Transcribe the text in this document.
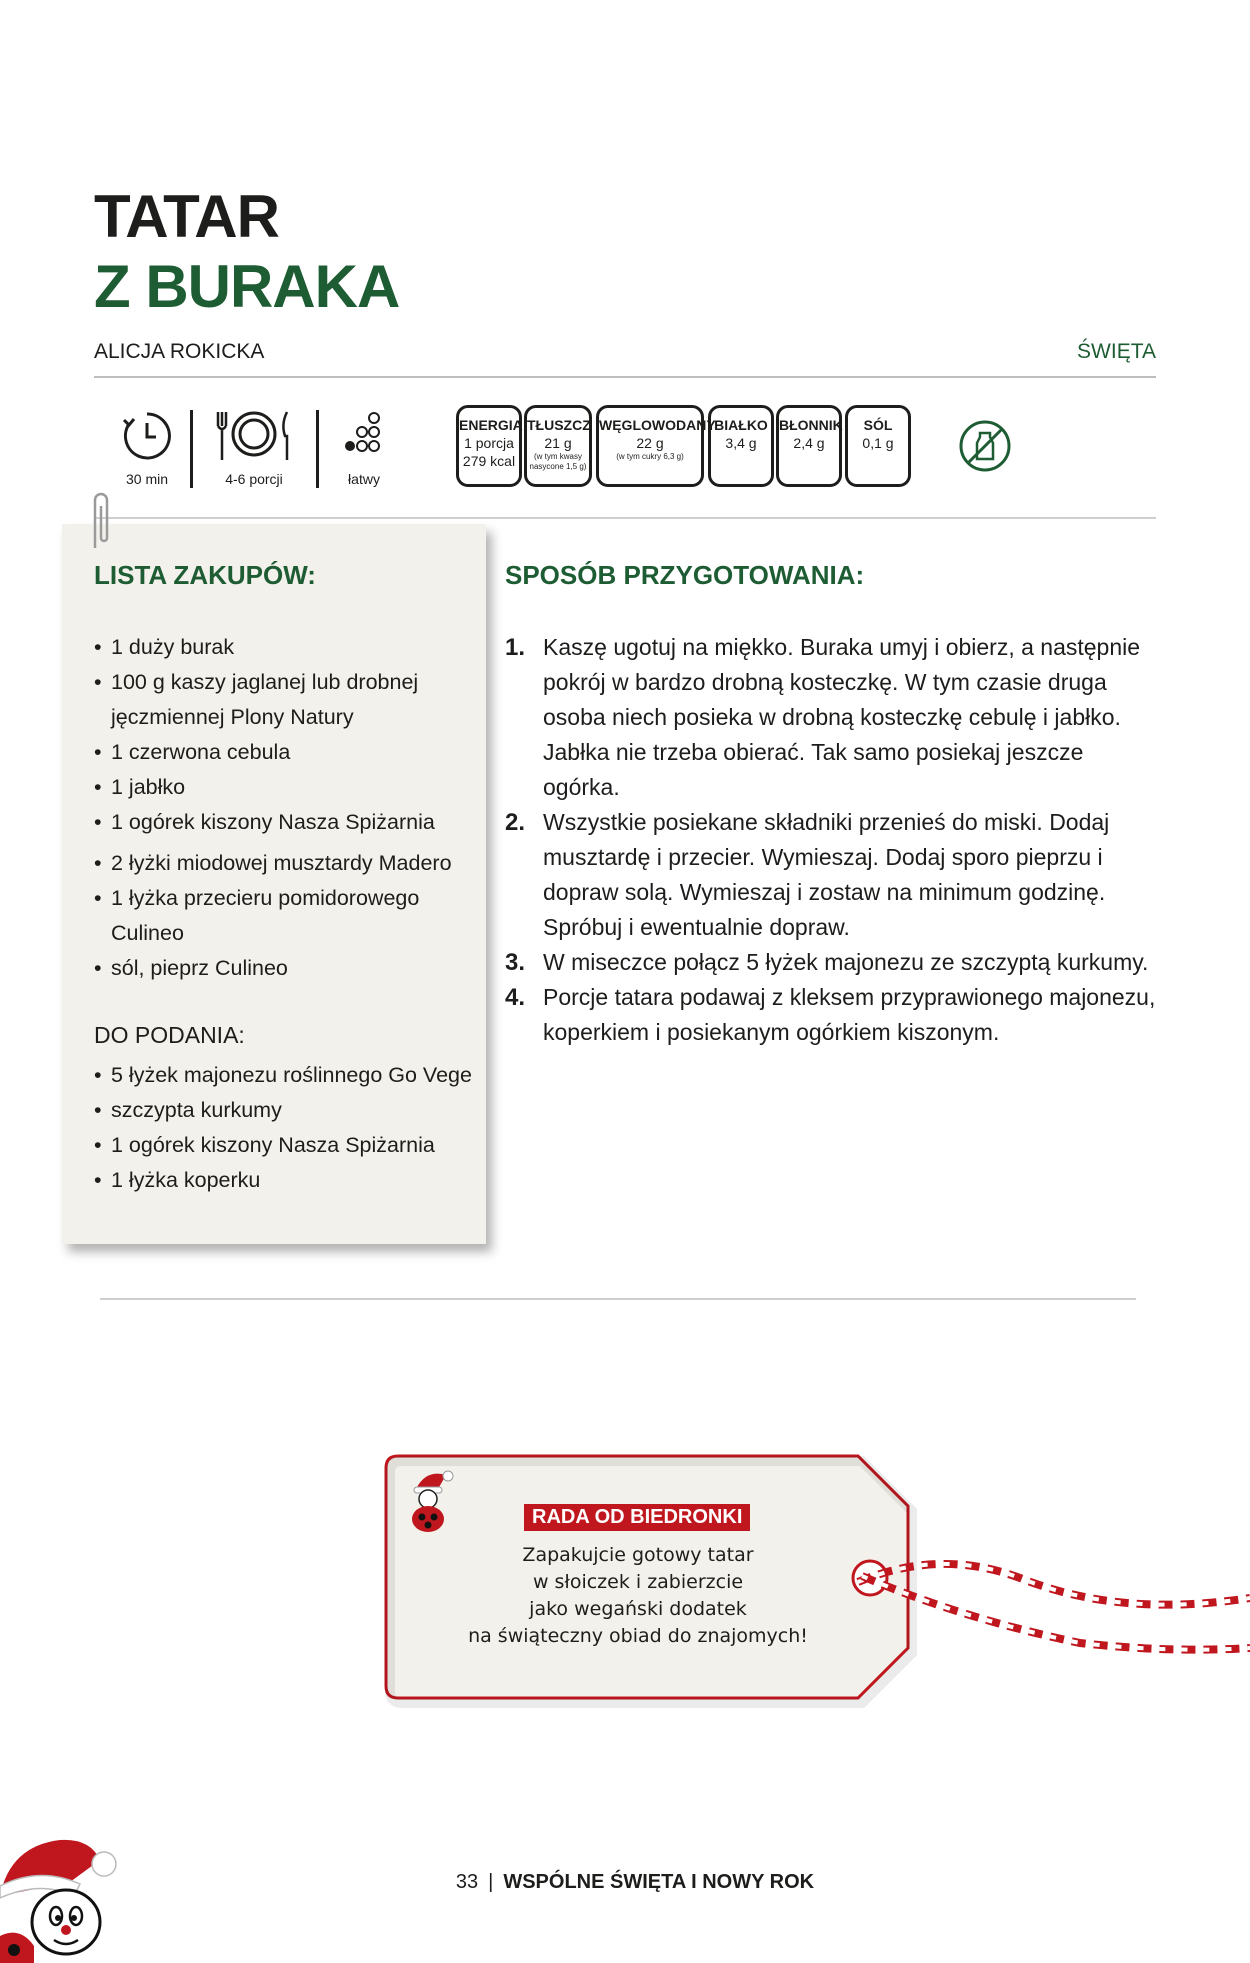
TATAR
Z BURAKA
ALICJA ROKICKA	ŚWIĘTA
30 min	4-6 porcji	łatwy
ENERGIA
1 porcja
279 kcal
TŁUSZCZ
21 g
(w tym kwasy nasycone 1,5 g)
WĘGLOWODANY
22 g
(w tym cukry 6,3 g)
BIAŁKO
3,4 g
BŁONNIK
2,4 g
SÓL
0,1 g
LISTA ZAKUPÓW:
• 1 duży burak
• 100 g kaszy jaglanej lub drobnej jęczmiennej Plony Natury
• 1 czerwona cebula
• 1 jabłko
• 1 ogórek kiszony Nasza Spiżarnia
• 2 łyżki miodowej musztardy Madero
• 1 łyżka przecieru pomidorowego Culineo
• sól, pieprz Culineo
DO PODANIA:
• 5 łyżek majonezu roślinnego Go Vege
• szczypta kurkumy
• 1 ogórek kiszony Nasza Spiżarnia
• 1 łyżka koperku
SPOSÓB PRZYGOTOWANIA:
1. Kaszę ugotuj na miękko. Buraka umyj i obierz, a następnie pokrój w bardzo drobną kosteczkę. W tym czasie druga osoba niech posieka w drobną kosteczkę cebulę i jabłko. Jabłka nie trzeba obierać. Tak samo posiekaj jeszcze ogórka.
2. Wszystkie posiekane składniki przenieś do miski. Dodaj musztardę i przecier. Wymieszaj. Dodaj sporo pieprzu i dopraw solą. Wymieszaj i zostaw na minimum godzinę. Spróbuj i ewentualnie dopraw.
3. W miseczce połącz 5 łyżek majonezu ze szczyptą kurkumy.
4. Porcje tatara podawaj z kleksem przyprawionego majonezu, koperkiem i posiekanym ogórkiem kiszonym.
RADA OD BIEDRONKI
Zapakujcie gotowy tatar
w słoiczek i zabierzcie
jako wegański dodatek
na świąteczny obiad do znajomych!
33 | WSPÓLNE ŚWIĘTA I NOWY ROK
